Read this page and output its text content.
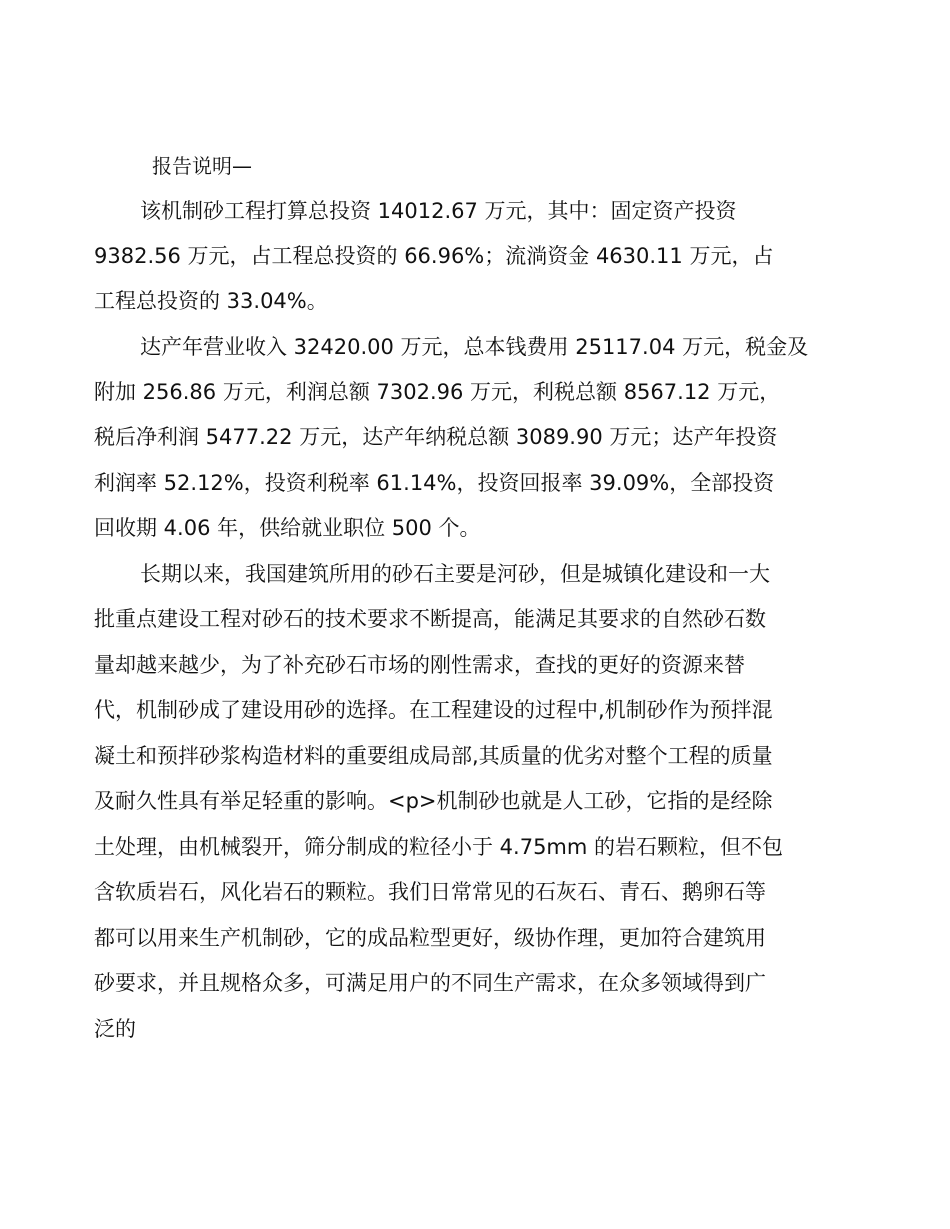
报告说明—
该机制砂工程打算总投资 14012.67 万元，其中：固定资产投资
9382.56 万元，占工程总投资的 66.96%；流淌资金 4630.11 万元，占
工程总投资的 33.04%。
达产年营业收入 32420.00 万元，总本钱费用 25117.04 万元，税金及
附加 256.86 万元，利润总额 7302.96 万元，利税总额 8567.12 万元，
税后净利润 5477.22 万元，达产年纳税总额 3089.90 万元；达产年投资
利润率 52.12%，投资利税率 61.14%，投资回报率 39.09%，全部投资
回收期 4.06 年，供给就业职位 500 个。
长期以来，我国建筑所用的砂石主要是河砂，但是城镇化建设和一大
批重点建设工程对砂石的技术要求不断提高，能满足其要求的自然砂石数
量却越来越少，为了补充砂石市场的刚性需求，查找的更好的资源来替
代，机制砂成了建设用砂的选择。在工程建设的过程中,机制砂作为预拌混
凝土和预拌砂浆构造材料的重要组成局部,其质量的优劣对整个工程的质量
及耐久性具有举足轻重的影响。<p>机制砂也就是人工砂，它指的是经除
土处理，由机械裂开，筛分制成的粒径小于 4.75mm 的岩石颗粒，但不包
含软质岩石，风化岩石的颗粒。我们日常常见的石灰石、青石、鹅卵石等
都可以用来生产机制砂，它的成品粒型更好，级协作理，更加符合建筑用
砂要求，并且规格众多，可满足用户的不同生产需求，在众多领域得到广
泛的
